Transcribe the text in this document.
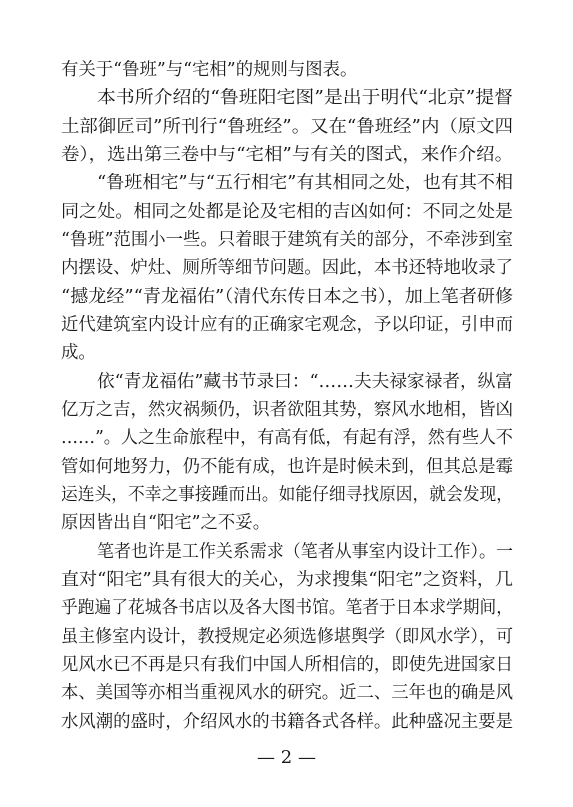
有关于“鲁班”与“宅相”的规则与图表。
本书所介绍的“鲁班阳宅图”是出于明代“北京”提督
土部御匠司”所刊行“鲁班经”。又在“鲁班经”内（原文四
卷），选出第三卷中与“宅相”与有关的图式，来作介绍。
“鲁班相宅”与“五行相宅”有其相同之处，也有其不相
同之处。相同之处都是论及宅相的吉凶如何：不同之处是
“鲁班”范围小一些。只着眼于建筑有关的部分，不牵涉到室
内摆设、炉灶、厕所等细节问题。因此，本书还特地收录了
“撼龙经”“青龙福佑”（清代东传日本之书），加上笔者研修
近代建筑室内设计应有的正确家宅观念，予以印证，引申而
成。
依“青龙福佑”藏书节录曰：“……夫夫禄家禄者，纵富
亿万之吉，然灾祸频仍，识者欲阻其势，察风水地相，皆凶
……”。人之生命旅程中，有高有低，有起有浮，然有些人不
管如何地努力，仍不能有成，也许是时候未到，但其总是霉
运连头，不幸之事接踵而出。如能仔细寻找原因，就会发现，
原因皆出自“阳宅”之不妥。
笔者也许是工作关系需求（笔者从事室内设计工作）。一
直对“阳宅”具有很大的关心，为求搜集“阳宅”之资料，几
乎跑遍了花城各书店以及各大图书馆。笔者于日本求学期间，
虽主修室内设计，教授规定必须选修堪舆学（即风水学），可
见风水已不再是只有我们中国人所相信的，即使先进国家日
本、美国等亦相当重视风水的研究。近二、三年也的确是风
水风潮的盛时，介绍风水的书籍各式各样。此种盛况主要是
— 2 —
